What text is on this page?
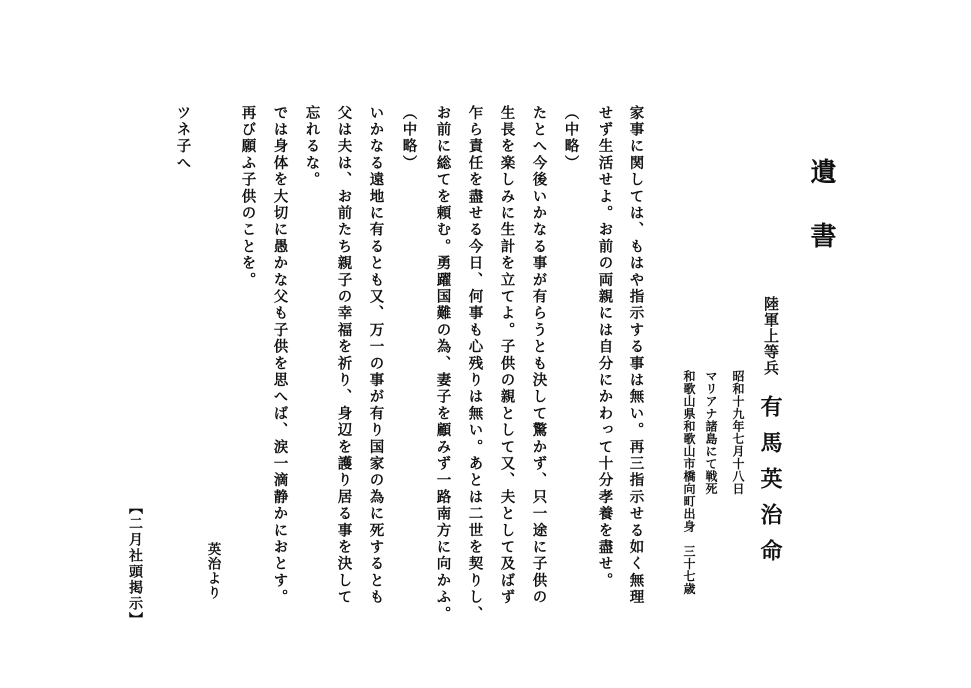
遺
書
陸軍上等兵
有馬英治命
昭和十九年七月十八日
マリアナ諸島にて戦死
和歌山県和歌山市橋向町出身　三十七歳
家事に関しては、もはや指示する事は無い。再三指示せる如く無理
せず生活せよ。お前の両親には自分にかわって十分孝養を盡せ。
（中略）
たとへ今後いかなる事が有らうとも決して驚かず、只一途に子供の
生長を楽しみに生計を立てよ。子供の親として又、夫として及ばず
乍ら責任を盡せる今日、何事も心残りは無い。あとは二世を契りし、
お前に総てを頼む。勇躍国難の為、妻子を顧みず一路南方に向かふ。
（中略）
いかなる遠地に有るとも又、万一の事が有り国家の為に死するとも
父は夫は、お前たち親子の幸福を祈り、身辺を護り居る事を決して
忘れるな。
では身体を大切に愚かな父も子供を思へば、涙一滴静かにおとす。
再び願ふ子供のことを。
英治より
ツネ子へ
【二月社頭掲示】
